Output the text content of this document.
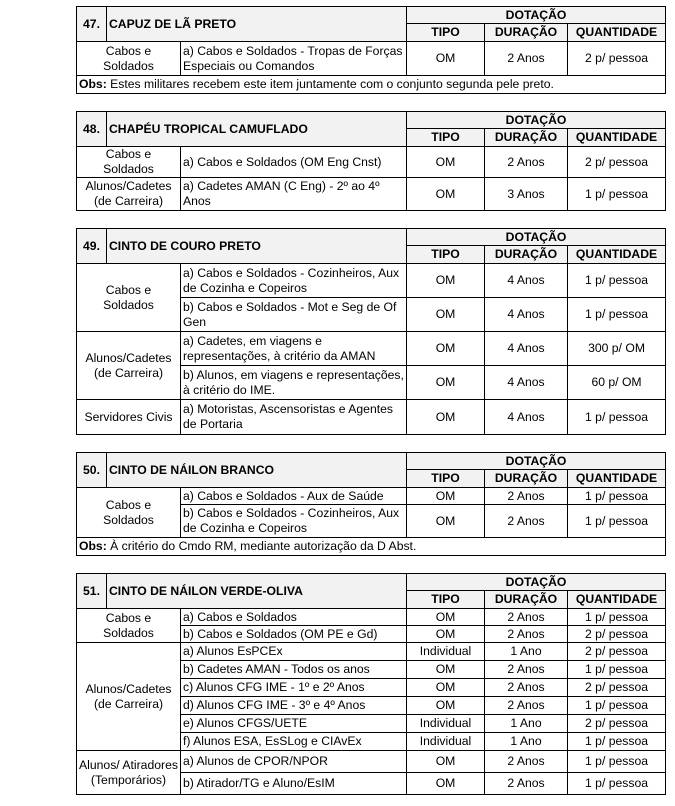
47.	CAPUZ DE LÃ PRETO		DOTAÇÃO		
			TIPO	DURAÇÃO	QUANTIDADE
Cabos e Soldados		a) Cabos e Soldados - Tropas de Forças Especiais ou Comandos	OM	2 Anos	2 p/ pessoa
Obs: Estes militares recebem este item juntamente com o conjunto segunda pele preto.					
48.	CHAPÉU TROPICAL CAMUFLADO		DOTAÇÃO		
			TIPO	DURAÇÃO	QUANTIDADE
Cabos e Soldados		a) Cabos e Soldados (OM Eng Cnst)	OM	2 Anos	2 p/ pessoa
Alunos/Cadetes (de Carreira)		a) Cadetes AMAN (C Eng) - 2º ao 4º Anos	OM	3 Anos	1 p/ pessoa
49.	CINTO DE COURO PRETO		DOTAÇÃO		
			TIPO	DURAÇÃO	QUANTIDADE
Cabos e Soldados		a) Cabos e Soldados - Cozinheiros, Aux de Cozinha e Copeiros	OM	4 Anos	1 p/ pessoa
		b) Cabos e Soldados - Mot e Seg de Of Gen	OM	4 Anos	1 p/ pessoa
Alunos/Cadetes (de Carreira)		a) Cadetes, em viagens e representações, à critério da AMAN	OM	4 Anos	300 p/ OM
		b) Alunos, em viagens e representações, à critério do IME.	OM	4 Anos	60 p/ OM
Servidores Civis		a) Motoristas, Ascensoristas e Agentes de Portaria	OM	4 Anos	1 p/ pessoa
50.	CINTO DE NÁILON BRANCO		DOTAÇÃO		
			TIPO	DURAÇÃO	QUANTIDADE
Cabos e Soldados		a) Cabos e Soldados - Aux de Saúde	OM	2 Anos	1 p/ pessoa
		b) Cabos e Soldados - Cozinheiros, Aux de Cozinha e Copeiros	OM	2 Anos	1 p/ pessoa
Obs: À critério do Cmdo RM, mediante autorização da D Abst.					
51.	CINTO DE NÁILON VERDE-OLIVA		DOTAÇÃO		
			TIPO	DURAÇÃO	QUANTIDADE
Cabos e Soldados		a) Cabos e Soldados	OM	2 Anos	1 p/ pessoa
		b) Cabos e Soldados (OM PE e Gd)	OM	2 Anos	2 p/ pessoa
Alunos/Cadetes (de Carreira)		a) Alunos EsPCEx	Individual	1 Ano	2 p/ pessoa
		b) Cadetes AMAN - Todos os anos	OM	2 Anos	1 p/ pessoa
		c) Alunos CFG IME - 1º e 2º Anos	OM	2 Anos	2 p/ pessoa
		d) Alunos CFG IME - 3º e 4º Anos	OM	2 Anos	1 p/ pessoa
		e) Alunos CFGS/UETE	Individual	1 Ano	2 p/ pessoa
		f) Alunos ESA, EsSLog e CIAvEx	Individual	1 Ano	1 p/ pessoa
Alunos/ Atiradores (Temporários)		a) Alunos de CPOR/NPOR	OM	2 Anos	1 p/ pessoa
		b) Atirador/TG e Aluno/EsIM	OM	2 Anos	1 p/ pessoa
